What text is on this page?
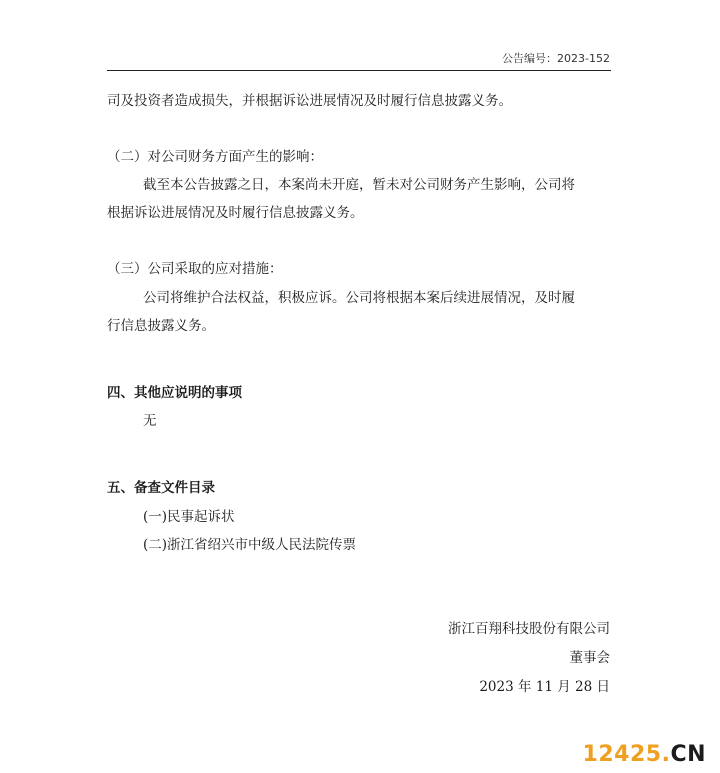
公告编号：2023-152
司及投资者造成损失，并根据诉讼进展情况及时履行信息披露义务。
（二）对公司财务方面产生的影响：
截至本公告披露之日，本案尚未开庭，暂未对公司财务产生影响，公司将
根据诉讼进展情况及时履行信息披露义务。
（三）公司采取的应对措施：
公司将维护合法权益，积极应诉。公司将根据本案后续进展情况，及时履
行信息披露义务。
四、其他应说明的事项
无
五、备查文件目录
(一)民事起诉状
(二)浙江省绍兴市中级人民法院传票
浙江百翔科技股份有限公司
董事会
2023 年 11 月 28 日
12425.CN
